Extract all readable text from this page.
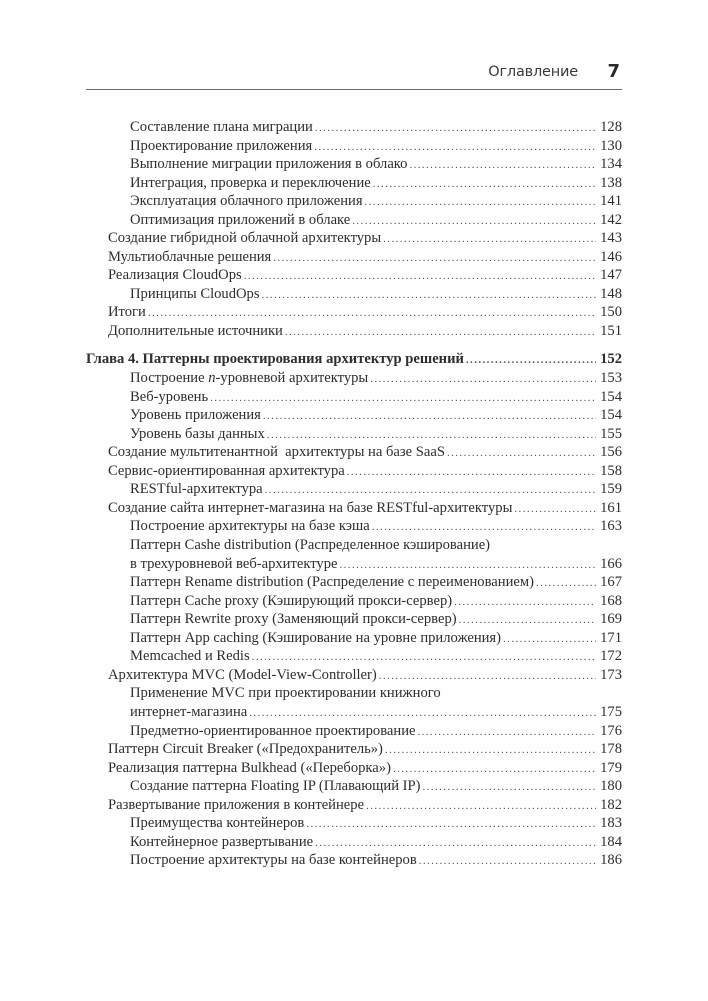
Оглавление 7
Составление плана миграции .....	128
Проектирование приложения .....	130
Выполнение миграции приложения в облако .....	134
Интеграция, проверка и переключение .....	138
Эксплуатация облачного приложения .....	141
Оптимизация приложений в облаке .....	142
Создание гибридной облачной архитектуры .....	143
Мультиоблачные решения .....	146
Реализация CloudOps .....	147
Принципы CloudOps .....	148
Итоги .....	150
Дополнительные источники .....	151
Глава 4. Паттерны проектирования архитектур решений .....	152
Построение n-уровневой архитектуры .....	153
Веб-уровень .....	154
Уровень приложения .....	154
Уровень базы данных .....	155
Создание мультитенантной  архитектуры на базе SaaS .....	156
Сервис-ориентированная архитектура .....	158
RESTful-архитектура .....	159
Создание сайта интернет-магазина на базе RESTful-архитектуры .....	161
Построение архитектуры на базе кэша .....	163
Паттерн Cashe distribution (Распределенное кэширование)
в трехуровневой веб-архитектуре .....	166
Паттерн Rename distribution (Распределение с переименованием) .....	167
Паттерн Cache proxy (Кэширующий прокси-сервер) .....	168
Паттерн Rewrite proxy (Заменяющий прокси-сервер) .....	169
Паттерн App caching (Кэширование на уровне приложения) .....	171
Memcached и Redis .....	172
Архитектура MVC (Model-View-Controller) .....	173
Применение MVC при проектировании книжного
интернет-магазина .....	175
Предметно-ориентированное проектирование .....	176
Паттерн Circuit Breaker («Предохранитель») .....	178
Реализация паттерна Bulkhead («Переборка») .....	179
Создание паттерна Floating IP (Плавающий IP) .....	180
Развертывание приложения в контейнере .....	182
Преимущества контейнеров .....	183
Контейнерное развертывание .....	184
Построение архитектуры на базе контейнеров .....	186
